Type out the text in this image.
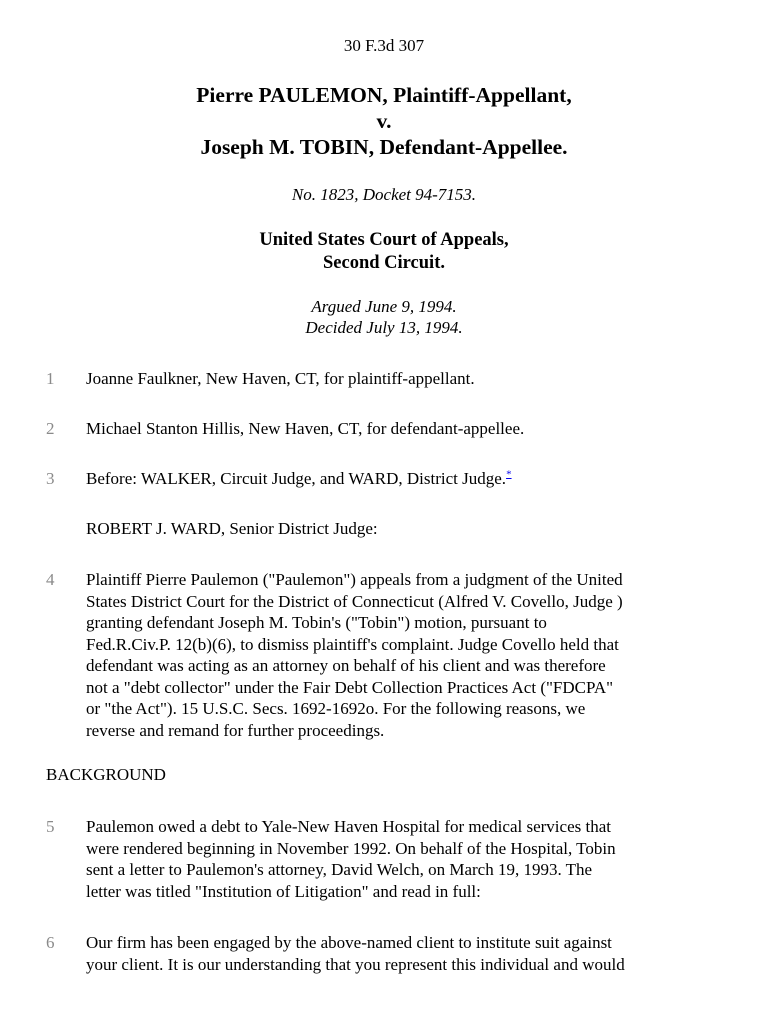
30 F.3d 307
Pierre PAULEMON, Plaintiff-Appellant,
v.
Joseph M. TOBIN, Defendant-Appellee.
No. 1823, Docket 94-7153.
United States Court of Appeals,
Second Circuit.
Argued June 9, 1994.
Decided July 13, 1994.
1	Joanne Faulkner, New Haven, CT, for plaintiff-appellant.
2	Michael Stanton Hillis, New Haven, CT, for defendant-appellee.
3	Before: WALKER, Circuit Judge, and WARD, District Judge.*
ROBERT J. WARD, Senior District Judge:
4	Plaintiff Pierre Paulemon ("Paulemon") appeals from a judgment of the United
States District Court for the District of Connecticut (Alfred V. Covello, Judge )
granting defendant Joseph M. Tobin's ("Tobin") motion, pursuant to
Fed.R.Civ.P. 12(b)(6), to dismiss plaintiff's complaint. Judge Covello held that
defendant was acting as an attorney on behalf of his client and was therefore
not a "debt collector" under the Fair Debt Collection Practices Act ("FDCPA"
or "the Act"). 15 U.S.C. Secs. 1692-1692o. For the following reasons, we
reverse and remand for further proceedings.
BACKGROUND
5	Paulemon owed a debt to Yale-New Haven Hospital for medical services that
were rendered beginning in November 1992. On behalf of the Hospital, Tobin
sent a letter to Paulemon's attorney, David Welch, on March 19, 1993. The
letter was titled "Institution of Litigation" and read in full:
6	Our firm has been engaged by the above-named client to institute suit against
your client. It is our understanding that you represent this individual and would
